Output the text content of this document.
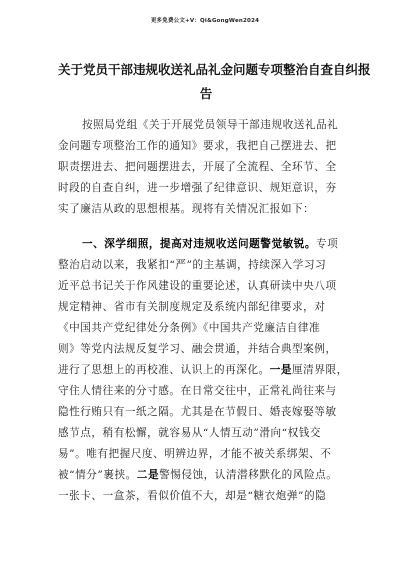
更多免费公文+V：Qi&GongWen2024
关于党员干部违规收送礼品礼金问题专项整治自查自纠报
告
按照局党组《关于开展党员领导干部违规收送礼品礼
金问题专项整治工作的通知》要求，我把自己摆进去、把
职责摆进去、把问题摆进去，开展了全流程、全环节、全
时段的自查自纠，进一步增强了纪律意识、规矩意识，夯
实了廉洁从政的思想根基。现将有关情况汇报如下：
一、深学细照，提高对违规收送问题警觉敏锐。专项
整治启动以来，我紧扣“严”的主基调，持续深入学习习
近平总书记关于作风建设的重要论述，认真研读中央八项
规定精神、省市有关制度规定及系统内部纪律要求，对
《中国共产党纪律处分条例》《中国共产党廉洁自律准
则》等党内法规反复学习、融会贯通，并结合典型案例，
进行了思想上的再校准、认识上的再深化。一是厘清界限，
守住人情往来的分寸感。在日常交往中，正常礼尚往来与
隐性行贿只有一纸之隔。尤其是在节假日、婚丧嫁娶等敏
感节点，稍有松懈，就容易从“人情互动”滑向“权钱交
易”。唯有把握尺度、明辨边界，才能不被关系绑架、不
被“情分”裹挟。二是警惕侵蚀，认清潜移默化的风险点。
一张卡、一盒茶，看似价值不大，却是“糖衣炮弹”的隐
